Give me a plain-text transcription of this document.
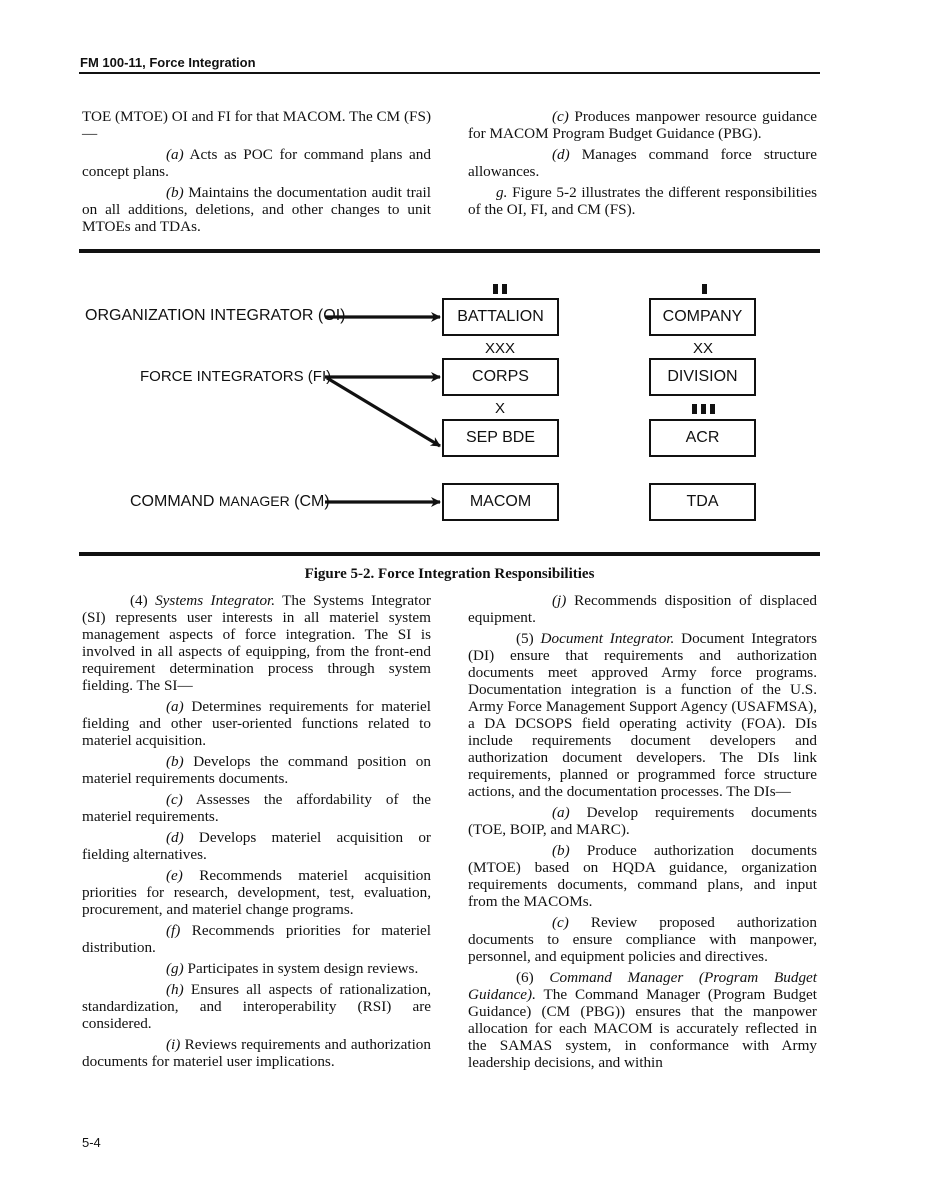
FM 100-11, Force Integration

TOE (MTOE) OI and FI for that MACOM. The CM (FS)—

(a) Acts as POC for command plans and concept plans.

(b) Maintains the documentation audit trail on all additions, deletions, and other changes to unit MTOEs and TDAs.

(c) Produces manpower resource guidance for MACOM Program Budget Guidance (PBG).

(d) Manages command force structure allowances.

g. Figure 5-2 illustrates the different responsibilities of the OI, FI, and CM (FS).

ORGANIZATION INTEGRATOR (OI)
FORCE INTEGRATORS (FI)
COMMAND MANAGER (CM)
BATTALION
XXX
CORPS
X
SEP BDE
MACOM
COMPANY
XX
DIVISION
ACR
TDA
Figure 5-2. Force Integration Responsibilities

(4) Systems Integrator. The Systems Integrator (SI) represents user interests in all materiel system management aspects of force integration. The SI is involved in all aspects of equipping, from the front-end requirement determination process through system fielding. The SI—

(a) Determines requirements for materiel fielding and other user-oriented functions related to materiel acquisition.

(b) Develops the command position on materiel requirements documents.

(c) Assesses the affordability of the materiel requirements.

(d) Develops materiel acquisition or fielding alternatives.

(e) Recommends materiel acquisition priorities for research, development, test, evaluation, procurement, and materiel change programs.

(f) Recommends priorities for materiel distribution.

(g) Participates in system design reviews.

(h) Ensures all aspects of rationalization, standardization, and interoperability (RSI) are considered.

(i) Reviews requirements and authorization documents for materiel user implications.

(j) Recommends disposition of displaced equipment.

(5) Document Integrator. Document Integrators (DI) ensure that requirements and authorization documents meet approved Army force programs. Documentation integration is a function of the U.S. Army Force Management Support Agency (USAFMSA), a DA DCSOPS field operating activity (FOA). DIs include requirements document developers and authorization document developers. The DIs link requirements, planned or programmed force structure actions, and the documentation processes. The DIs—

(a) Develop requirements documents (TOE, BOIP, and MARC).

(b) Produce authorization documents (MTOE) based on HQDA guidance, organization requirements documents, command plans, and input from the MACOMs.

(c) Review proposed authorization documents to ensure compliance with manpower, personnel, and equipment policies and directives.

(6) Command Manager (Program Budget Guidance). The Command Manager (Program Budget Guidance) (CM (PBG)) ensures that the manpower allocation for each MACOM is accurately reflected in the SAMAS system, in conformance with Army leadership decisions, and within

5-4
